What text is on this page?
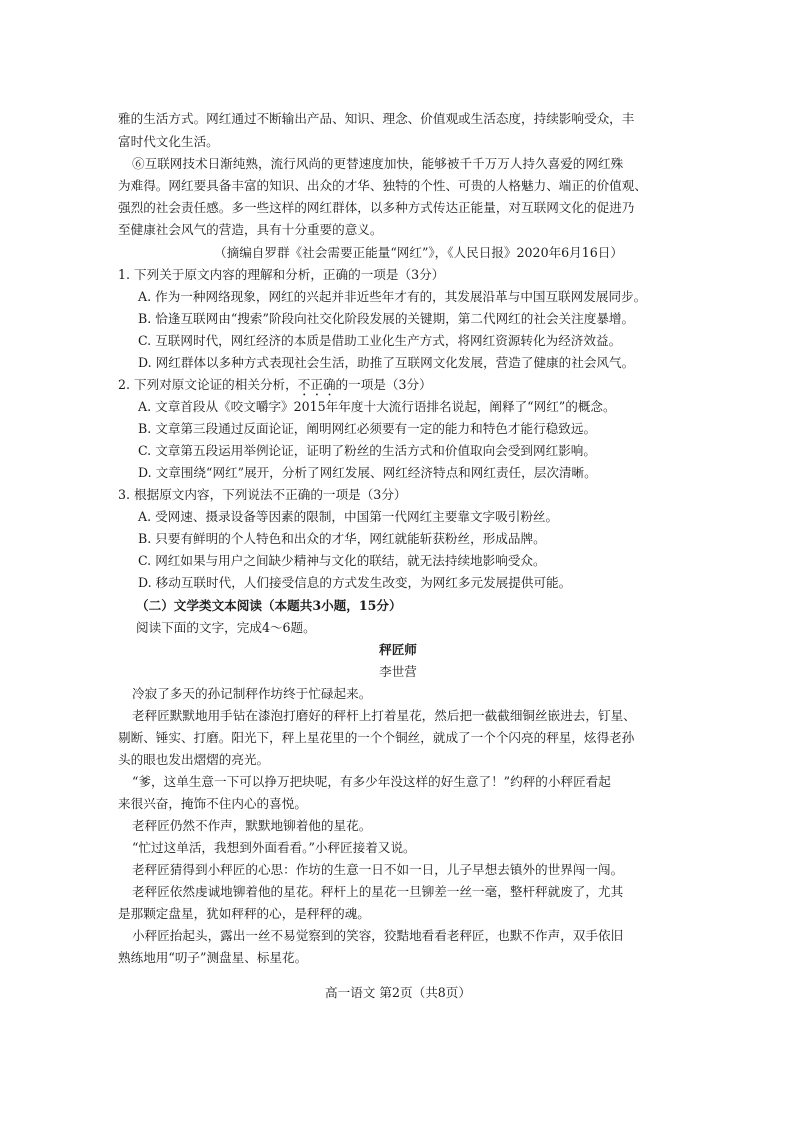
雅的生活方式。网红通过不断输出产品、知识、理念、价值观或生活态度，持续影响受众，丰
富时代文化生活。
⑥互联网技术日渐纯熟，流行风尚的更替速度加快，能够被千千万万人持久喜爱的网红殊
为难得。网红要具备丰富的知识、出众的才华、独特的个性、可贵的人格魅力、端正的价值观、
强烈的社会责任感。多一些这样的网红群体，以多种方式传达正能量，对互联网文化的促进乃
至健康社会风气的营造，具有十分重要的意义。
（摘编自罗群《社会需要正能量“网红”》，《人民日报》2020年6月16日）
1. 下列关于原文内容的理解和分析，正确的一项是（3分）
A. 作为一种网络现象，网红的兴起并非近些年才有的，其发展沿革与中国互联网发展同步。
B. 恰逢互联网由“搜索”阶段向社交化阶段发展的关键期，第二代网红的社会关注度暴增。
C. 互联网时代，网红经济的本质是借助工业化生产方式，将网红资源转化为经济效益。
D. 网红群体以多种方式表现社会生活，助推了互联网文化发展，营造了健康的社会风气。
2. 下列对原文论证的相关分析，不正确的一项是（3分）
A. 文章首段从《咬文嚼字》2015年年度十大流行语排名说起，阐释了“网红”的概念。
B. 文章第三段通过反面论证，阐明网红必须要有一定的能力和特色才能行稳致远。
C. 文章第五段运用举例论证，证明了粉丝的生活方式和价值取向会受到网红影响。
D. 文章围绕“网红”展开，分析了网红发展、网红经济特点和网红责任，层次清晰。
3. 根据原文内容，下列说法不正确的一项是（3分）
A. 受网速、摄录设备等因素的限制，中国第一代网红主要靠文字吸引粉丝。
B. 只要有鲜明的个人特色和出众的才华，网红就能斩获粉丝，形成品牌。
C. 网红如果与用户之间缺少精神与文化的联结，就无法持续地影响受众。
D. 移动互联时代，人们接受信息的方式发生改变，为网红多元发展提供可能。
（二）文学类文本阅读（本题共3小题，15分）
阅读下面的文字，完成4～6题。
秤匠师
李世营
冷寂了多天的孙记制秤作坊终于忙碌起来。
老秤匠默默地用手钻在漆泡打磨好的秤杆上打着星花，然后把一截截细铜丝嵌进去，钉星、
剔断、锤实、打磨。阳光下，秤上星花里的一个个铜丝，就成了一个个闪亮的秤星，炫得老孙
头的眼也发出熠熠的亮光。
“爹，这单生意一下可以挣万把块呢，有多少年没这样的好生意了！”约秤的小秤匠看起
来很兴奋，掩饰不住内心的喜悦。
老秤匠仍然不作声，默默地铆着他的星花。
“忙过这单活，我想到外面看看。”小秤匠接着又说。
老秤匠猜得到小秤匠的心思：作坊的生意一日不如一日，儿子早想去镇外的世界闯一闯。
老秤匠依然虔诚地铆着他的星花。秤杆上的星花一旦铆差一丝一毫，整杆秤就废了，尤其
是那颗定盘星，犹如秤秤的心，是秤秤的魂。
小秤匠抬起头，露出一丝不易觉察到的笑容，狡黠地看看老秤匠，也默不作声，双手依旧
熟练地用“叨子”测盘星、标星花。
高一语文 第2页（共8页）
